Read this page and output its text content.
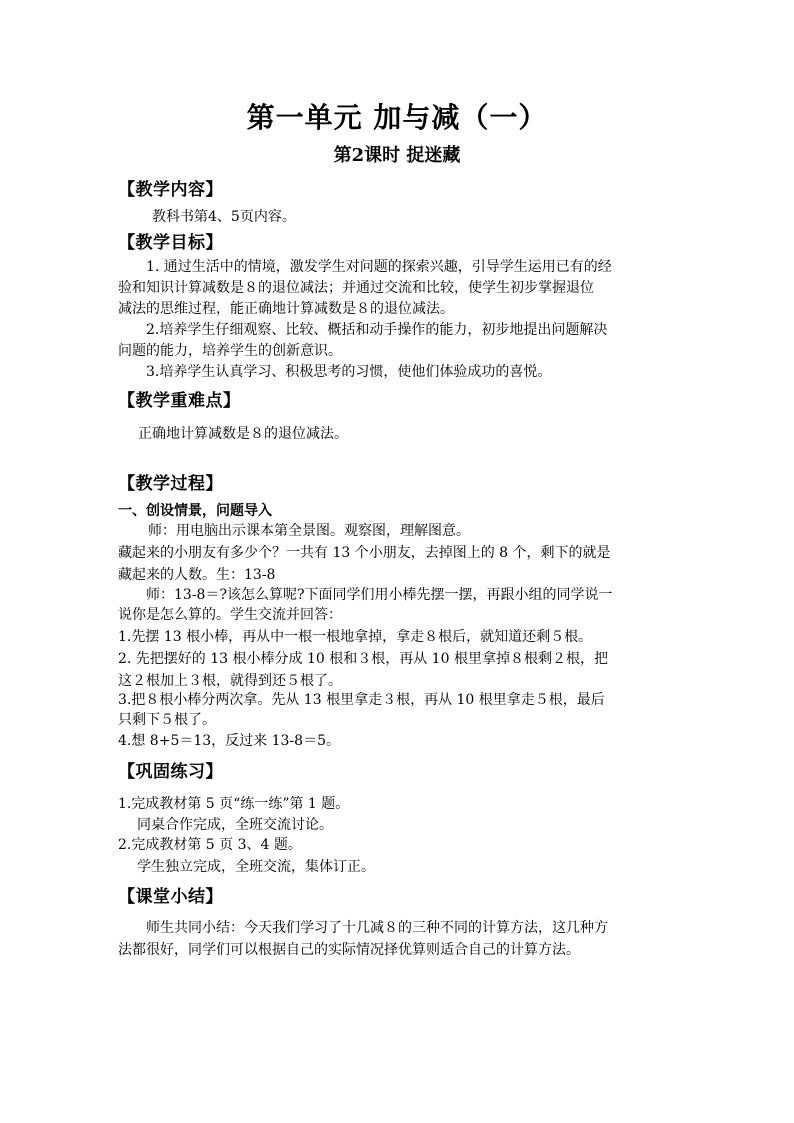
第一单元 加与减（一）
第2课时 捉迷藏
【教学内容】
教科书第4、5页内容。
【教学目标】
1. 通过生活中的情境，激发学生对问题的探索兴趣，引导学生运用已有的经
验和知识计算减数是８的退位减法；并通过交流和比较，使学生初步掌握退位
减法的思维过程，能正确地计算减数是８的退位减法。
2.培养学生仔细观察、比较、概括和动手操作的能力，初步地提出问题解决
问题的能力，培养学生的创新意识。
3.培养学生认真学习、积极思考的习惯，使他们体验成功的喜悦。
【教学重难点】
正确地计算减数是８的退位减法。
【教学过程】
一、创设情景，问题导入
师：用电脑出示课本第全景图。观察图，理解图意。
藏起来的小朋友有多少个？一共有 13 个小朋友，去掉图上的 8 个，剩下的就是
藏起来的人数。生：13-8
师：13-8＝?该怎么算呢?下面同学们用小棒先摆一摆，再跟小组的同学说一
说你是怎么算的。学生交流并回答：
1.先摆 13 根小棒，再从中一根一根地拿掉，拿走８根后，就知道还剩５根。
2. 先把摆好的 13 根小棒分成 10 根和３根，再从 10 根里拿掉８根剩２根，把
这２根加上３根，就得到还５根了。
3.把８根小棒分两次拿。先从 13 根里拿走３根，再从 10 根里拿走５根，最后
只剩下５根了。
4.想 8+5＝13，反过来 13-8＝5。
【巩固练习】
1.完成教材第 5 页“练一练”第 1 题。
同桌合作完成，全班交流讨论。
2.完成教材第 5 页 3、4 题。
学生独立完成，全班交流，集体订正。
【课堂小结】
师生共同小结：今天我们学习了十几减８的三种不同的计算方法，这几种方
法都很好，同学们可以根据自己的实际情况择优算则适合自己的计算方法。
